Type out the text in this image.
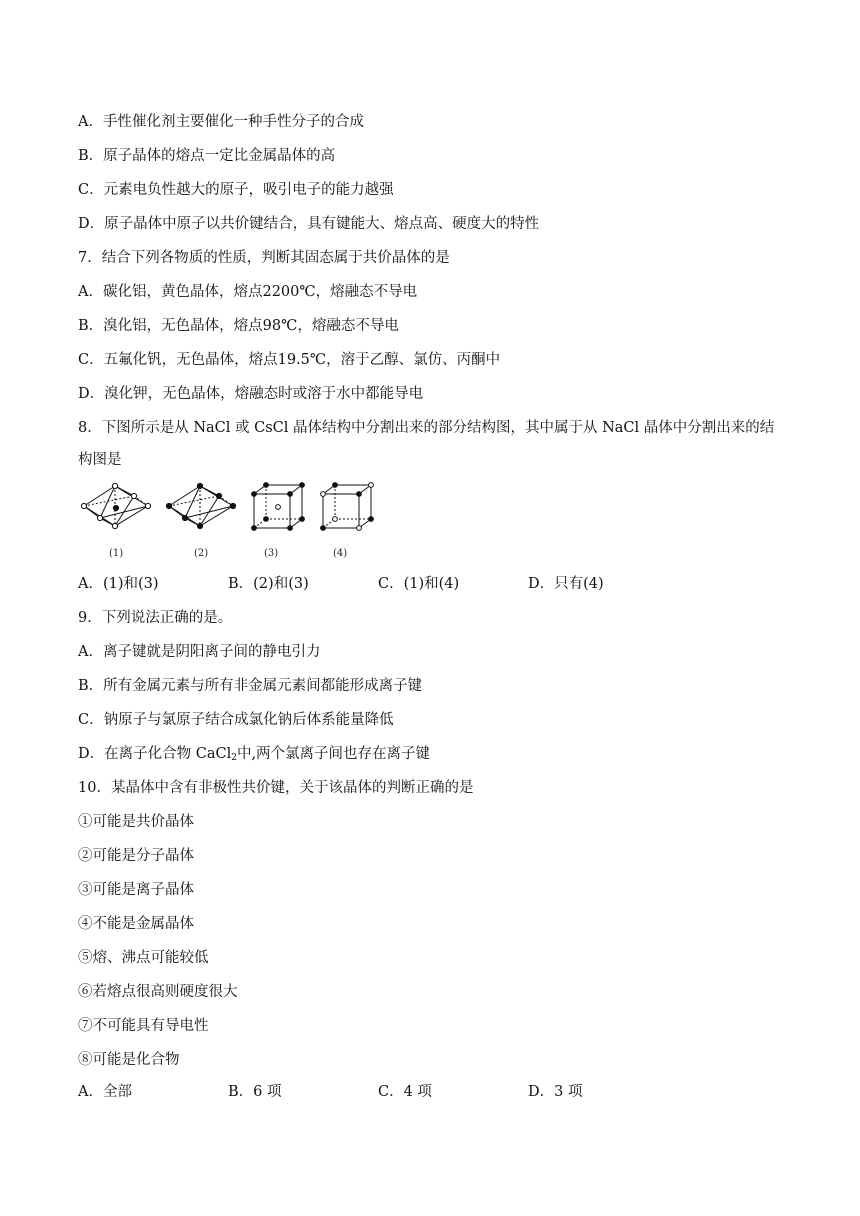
A．手性催化剂主要催化一种手性分子的合成
B．原子晶体的熔点一定比金属晶体的高
C．元素电负性越大的原子，吸引电子的能力越强
D．原子晶体中原子以共价键结合，具有键能大、熔点高、硬度大的特性
7．结合下列各物质的性质，判断其固态属于共价晶体的是
A．碳化铝，黄色晶体，熔点2200℃，熔融态不导电
B．溴化铝，无色晶体，熔点98℃，熔融态不导电
C．五氟化钒，无色晶体，熔点19.5℃，溶于乙醇、氯仿、丙酮中
D．溴化钾，无色晶体，熔融态时或溶于水中都能导电
8．下图所示是从 NaCl 或 CsCl 晶体结构中分割出来的部分结构图，其中属于从 NaCl 晶体中分割出来的结
构图是
(1)	(2)	(3)	(4)
A．(1)和(3)	B．(2)和(3)	C．(1)和(4)	D．只有(4)
9．下列说法正确的是。
A．离子键就是阴阳离子间的静电引力
B．所有金属元素与所有非金属元素间都能形成离子键
C．钠原子与氯原子结合成氯化钠后体系能量降低
D．在离子化合物 CaCl$_2$中,两个氯离子间也存在离子键
10．某晶体中含有非极性共价键，关于该晶体的判断正确的是
①可能是共价晶体
②可能是分子晶体
③可能是离子晶体
④不能是金属晶体
⑤熔、沸点可能较低
⑥若熔点很高则硬度很大
⑦不可能具有导电性
⑧可能是化合物
A．全部	B．6 项	C．4 项	D．3 项
